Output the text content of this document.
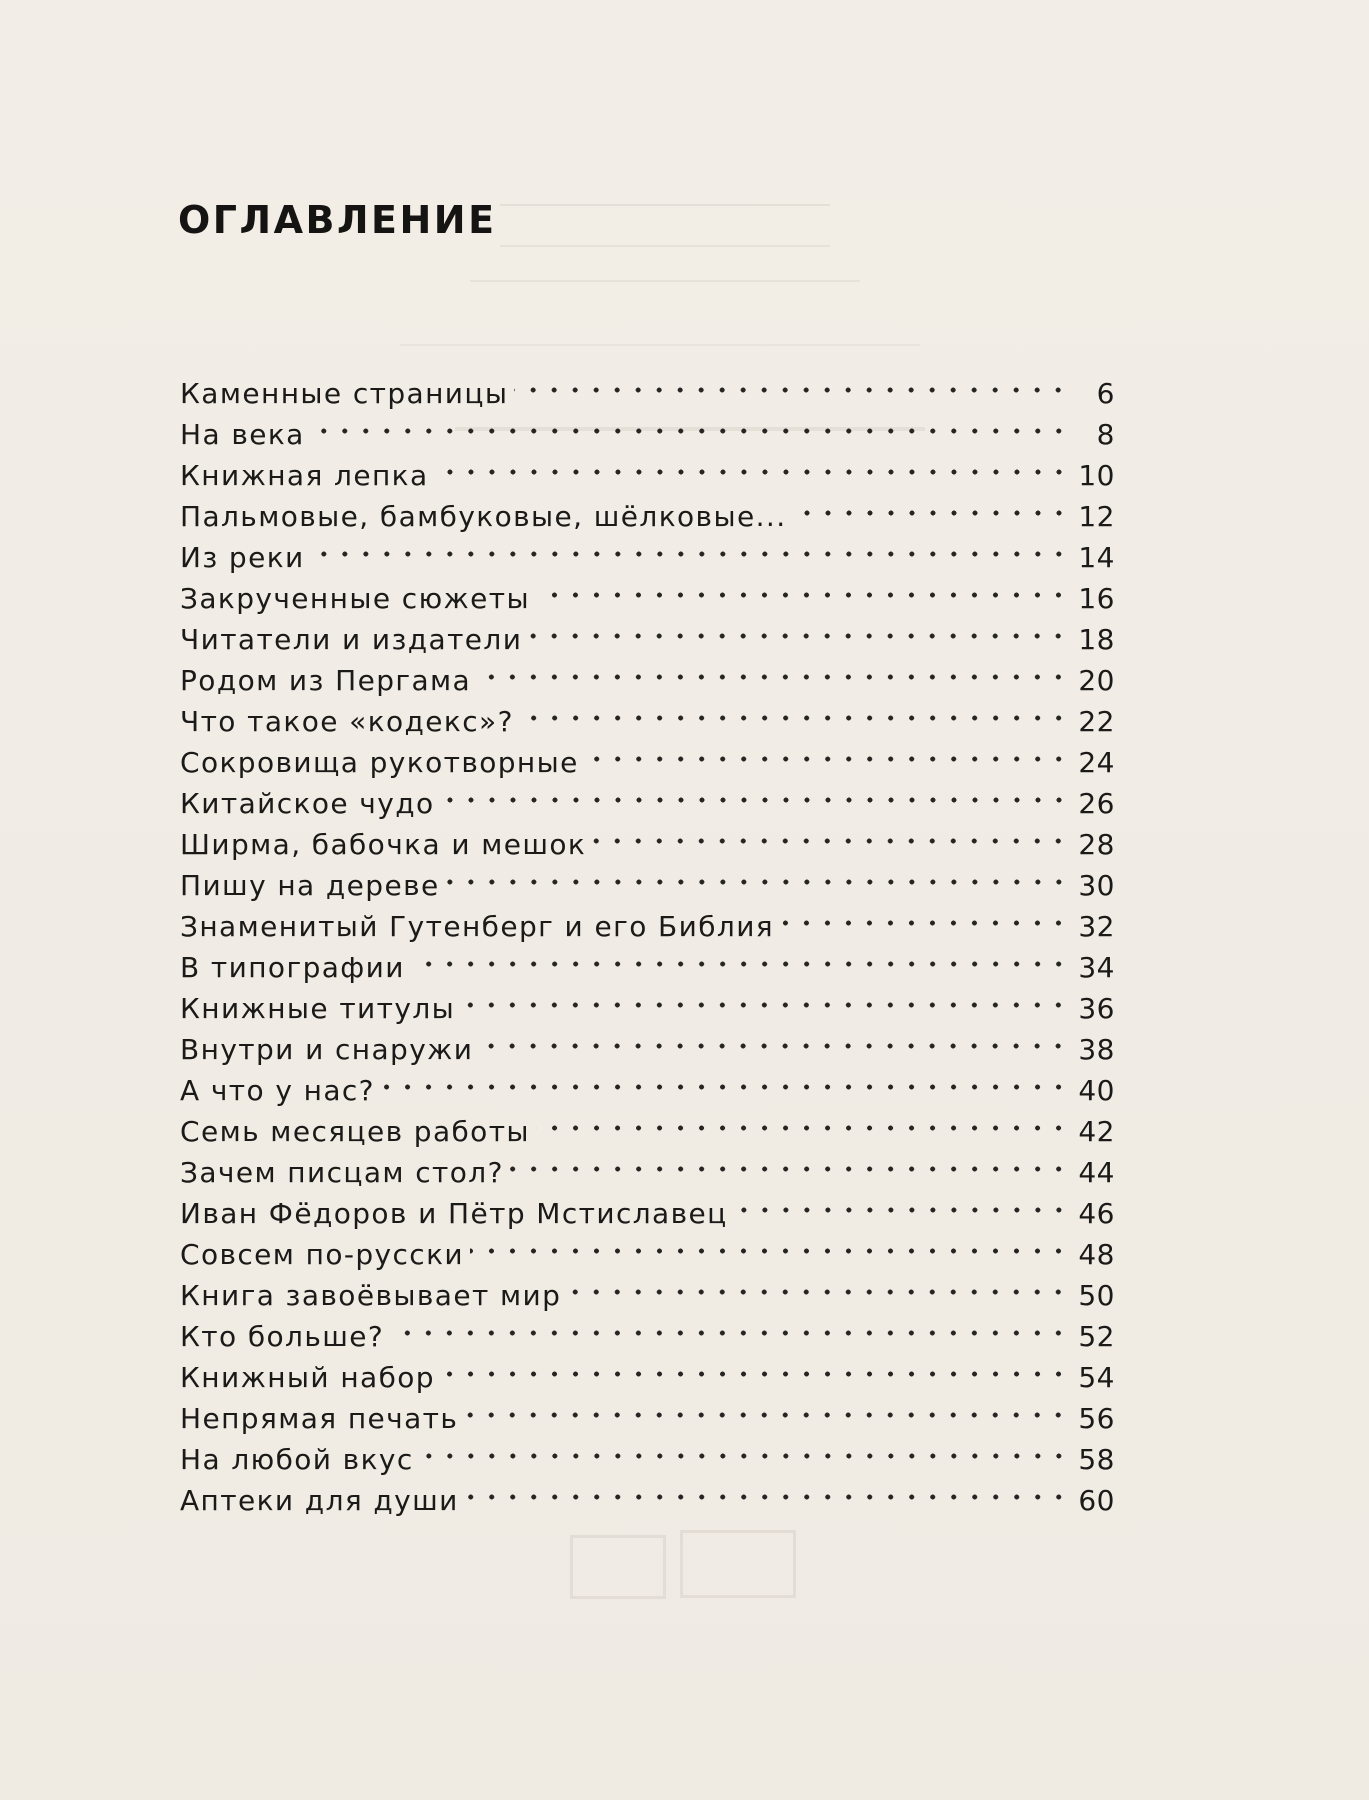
ОГЛАВЛЕНИЕ
Каменные страницы	6
На века	8
Книжная лепка	10
Пальмовые, бамбуковые, шёлковые...	12
Из реки	14
Закрученные сюжеты	16
Читатели и издатели	18
Родом из Пергама	20
Что такое «кодекс»?	22
Сокровища рукотворные	24
Китайское чудо	26
Ширма, бабочка и мешок	28
Пишу на дереве	30
Знаменитый Гутенберг и его Библия	32
В типографии	34
Книжные титулы	36
Внутри и снаружи	38
А что у нас?	40
Семь месяцев работы	42
Зачем писцам стол?	44
Иван Фёдоров и Пётр Мстиславец	46
Совсем по-русски	48
Книга завоёвывает мир	50
Кто больше?	52
Книжный набор	54
Непрямая печать	56
На любой вкус	58
Аптеки для души	60
